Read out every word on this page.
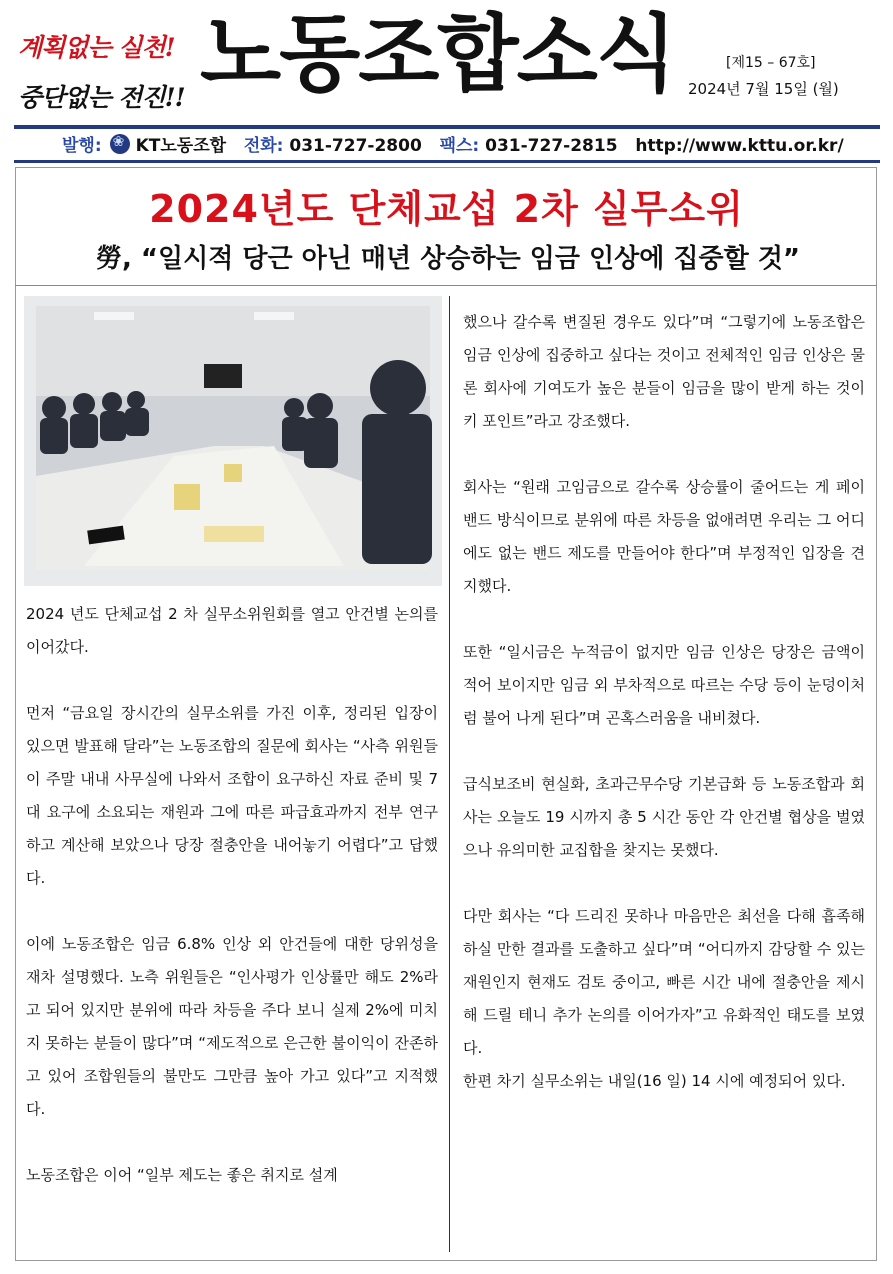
계획없는 실천!
중단없는 전진!! 노동조합소식	[제15 – 67호]
2024년 7월 15일 (월)
발행: ❀ KT노동조합 전화: 031-727-2800 팩스: 031-727-2815 http://www.kttu.or.kr/
2024년도 단체교섭 2차 실무소위
勞, “일시적 당근 아닌 매년 상승하는 임금 인상에 집중할 것”

2024 년도 단체교섭 2 차 실무소위원회를 열고 안건별 논의를 이어갔다.

먼저 “금요일 장시간의 실무소위를 가진 이후, 정리된 입장이 있으면 발표해 달라”는 노동조합의 질문에 회사는 “사측 위원들이 주말 내내 사무실에 나와서 조합이 요구하신 자료 준비 및 7 대 요구에 소요되는 재원과 그에 따른 파급효과까지 전부 연구하고 계산해 보았으나 당장 절충안을 내어놓기 어렵다”고 답했다.

이에 노동조합은 임금 6.8% 인상 외 안건들에 대한 당위성을 재차 설명했다. 노측 위원들은 “인사평가 인상률만 해도 2%라고 되어 있지만 분위에 따라 차등을 주다 보니 실제 2%에 미치지 못하는 분들이 많다”며 “제도적으로 은근한 불이익이 잔존하고 있어 조합원들의 불만도 그만큼 높아 가고 있다”고 지적했다.

노동조합은 이어 “일부 제도는 좋은 취지로 설계

했으나 갈수록 변질된 경우도 있다”며 “그렇기에 노동조합은 임금 인상에 집중하고 싶다는 것이고 전체적인 임금 인상은 물론 회사에 기여도가 높은 분들이 임금을 많이 받게 하는 것이 키 포인트”라고 강조했다.

회사는 “원래 고임금으로 갈수록 상승률이 줄어드는 게 페이밴드 방식이므로 분위에 따른 차등을 없애려면 우리는 그 어디에도 없는 밴드 제도를 만들어야 한다”며 부정적인 입장을 견지했다.

또한 “일시금은 누적금이 없지만 임금 인상은 당장은 금액이 적어 보이지만 임금 외 부차적으로 따르는 수당 등이 눈덩이처럼 불어 나게 된다”며 곤혹스러움을 내비쳤다.

급식보조비 현실화, 초과근무수당 기본급화 등 노동조합과 회사는 오늘도 19 시까지 총 5 시간 동안 각 안건별 협상을 벌였으나 유의미한 교집합을 찾지는 못했다.

다만 회사는 “다 드리진 못하나 마음만은 최선을 다해 흡족해 하실 만한 결과를 도출하고 싶다”며 “어디까지 감당할 수 있는 재원인지 현재도 검토 중이고, 빠른 시간 내에 절충안을 제시해 드릴 테니 추가 논의를 이어가자”고 유화적인 태도를 보였다.

한편 차기 실무소위는 내일(16 일) 14 시에 예정되어 있다.
